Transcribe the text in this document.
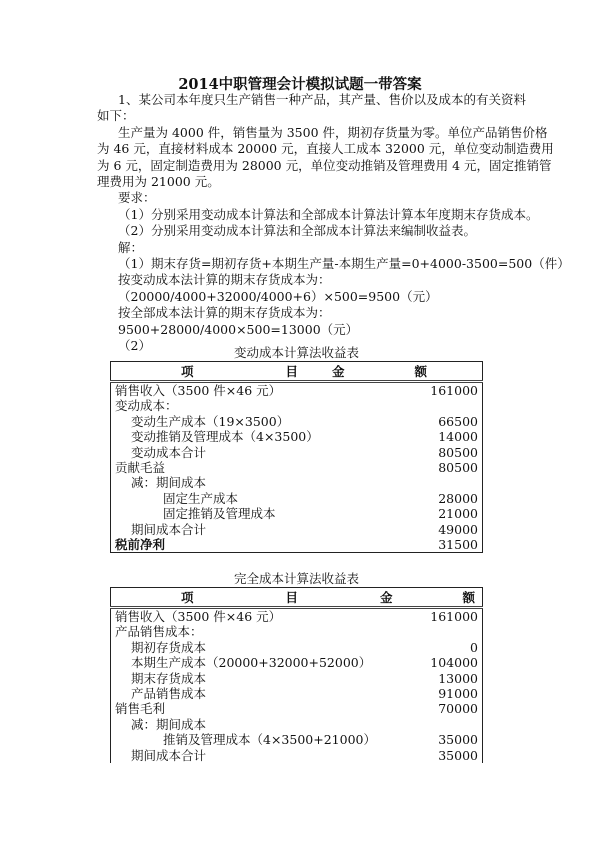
2014中职管理会计模拟试题一带答案

1、某公司本年度只生产销售一种产品，其产量、售价以及成本的有关资料

如下：

生产量为 4000 件，销售量为 3500 件，期初存货量为零。单位产品销售价格

为 46 元，直接材料成本 20000 元，直接人工成本 32000 元，单位变动制造费用

为 6 元，固定制造费用为 28000 元，单位变动推销及管理费用 4 元，固定推销管

理费用为 21000 元。

要求：

（1）分别采用变动成本计算法和全部成本计算法计算本年度期末存货成本。

（2）分别采用变动成本计算法和全部成本计算法来编制收益表。

解：

（1）期末存货=期初存货+本期生产量-本期生产量=0+4000-3500=500（件）

按变动成本法计算的期末存货成本为：

（20000/4000+32000/4000+6）×500=9500（元）

按全部成本法计算的期末存货成本为：

9500+28000/4000×500=13000（元）

（2）	变动成本计算法收益表
项 目	金 额
销售收入（3500 件×46 元）	161000
变动成本：	
变动生产成本（19×3500）	66500
变动推销及管理成本（4×3500）	14000
变动成本合计	80500
贡献毛益	80500
减：期间成本	
固定生产成本	28000
固定推销及管理成本	21000
期间成本合计	49000
税前净利	31500
完全成本计算法收益表
项 目	金 额
销售收入（3500 件×46 元）	161000
产品销售成本：	
期初存货成本	0
本期生产成本（20000+32000+52000）	104000
期末存货成本	13000
产品销售成本	91000
销售毛利	70000
减：期间成本	
推销及管理成本（4×3500+21000）	35000
期间成本合计	35000
